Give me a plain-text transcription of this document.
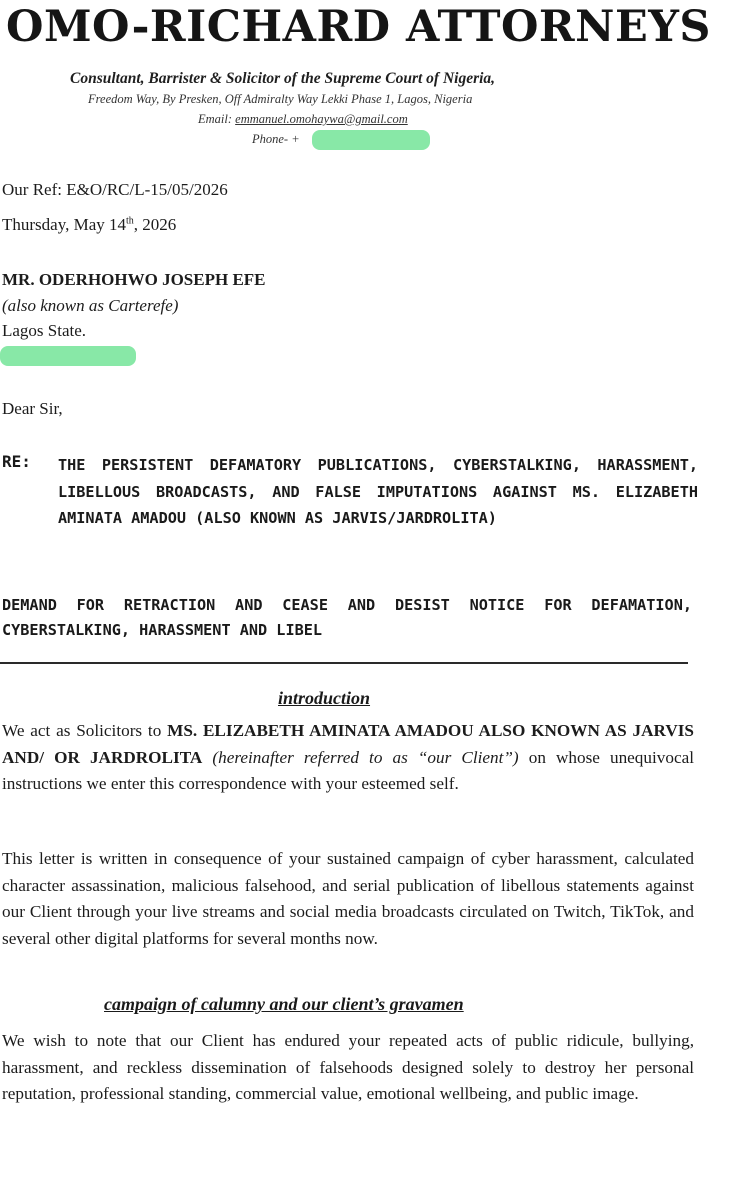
OMO-RICHARD ATTORNEYS
Consultant, Barrister & Solicitor of the Supreme Court of Nigeria,
Freedom Way, By Presken, Off Admiralty Way Lekki Phase 1, Lagos, Nigeria
Email: emmanuel.omohaywa@gmail.com
Phone- +
Our Ref: E&O/RC/L-15/05/2026
Thursday, May 14th, 2026
MR. ODERHOHWO JOSEPH EFE
(also known as Carterefe)
Lagos State.
Dear Sir,
RE: THE PERSISTENT DEFAMATORY PUBLICATIONS, CYBERSTALKING, HARASSMENT, LIBELLOUS BROADCASTS, AND FALSE IMPUTATIONS AGAINST MS. ELIZABETH AMINATA AMADOU (ALSO KNOWN AS JARVIS/JARDROLITA)
DEMAND FOR RETRACTION AND CEASE AND DESIST NOTICE FOR DEFAMATION, CYBERSTALKING, HARASSMENT AND LIBEL
introduction
We act as Solicitors to MS. ELIZABETH AMINATA AMADOU ALSO KNOWN AS JARVIS AND/ OR JARDROLITA (hereinafter referred to as “our Client”) on whose unequivocal instructions we enter this correspondence with your esteemed self.
This letter is written in consequence of your sustained campaign of cyber harassment, calculated character assassination, malicious falsehood, and serial publication of libellous statements against our Client through your live streams and social media broadcasts circulated on Twitch, TikTok, and several other digital platforms for several months now.
campaign of calumny and our client’s gravamen
We wish to note that our Client has endured your repeated acts of public ridicule, bullying, harassment, and reckless dissemination of falsehoods designed solely to destroy her personal reputation, professional standing, commercial value, emotional wellbeing, and public image.
